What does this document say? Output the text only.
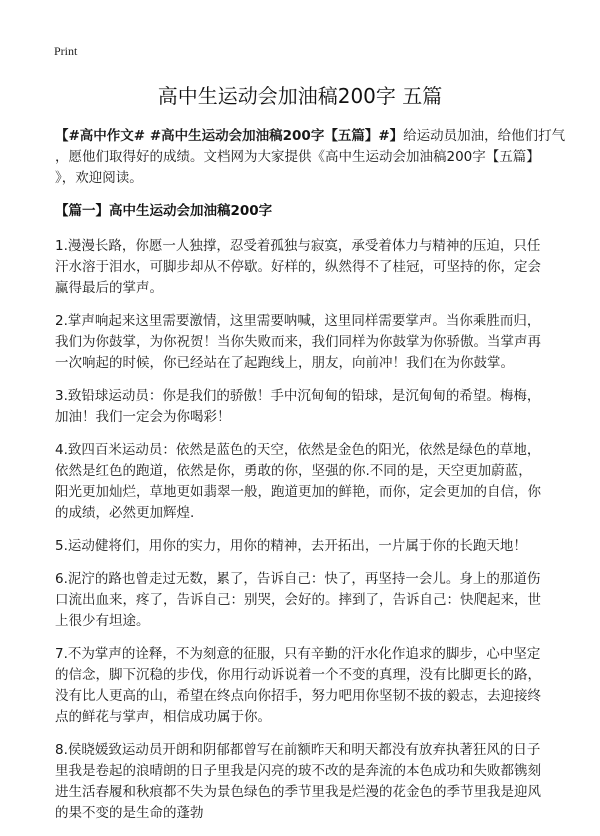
Print

高中生运动会加油稿200字 五篇
【#高中作文# #高中生运动会加油稿200字【五篇】#】给运动员加油，给他们打气
，愿他们取得好的成绩。文档网为大家提供《高中生运动会加油稿200字【五篇】
》，欢迎阅读。
【篇一】高中生运动会加油稿200字
1.漫漫长路，你愿一人独撑，忍受着孤独与寂寞，承受着体力与精神的压迫，只任
汗水溶于泪水，可脚步却从不停歇。好样的，纵然得不了桂冠，可坚持的你，定会
赢得最后的掌声。
2.掌声响起来这里需要激情，这里需要呐喊，这里同样需要掌声。当你乘胜而归，
我们为你鼓掌，为你祝贺！当你失败而来，我们同样为你鼓掌为你骄傲。当掌声再
一次响起的时候，你已经站在了起跑线上，朋友，向前冲！我们在为你鼓掌。
3.致铅球运动员：你是我们的骄傲！手中沉甸甸的铅球，是沉甸甸的希望。梅梅，
加油！我们一定会为你喝彩！
4.致四百米运动员：依然是蓝色的天空，依然是金色的阳光，依然是绿色的草地，
依然是红色的跑道，依然是你，勇敢的你，坚强的你.不同的是，天空更加蔚蓝，
阳光更加灿烂，草地更如翡翠一般，跑道更加的鲜艳，而你，定会更加的自信，你
的成绩，必然更加辉煌.
5.运动健将们，用你的实力，用你的精神，去开拓出，一片属于你的长跑天地！
6.泥泞的路也曾走过无数，累了，告诉自己：快了，再坚持一会儿。身上的那道伤
口流出血来，疼了，告诉自己：别哭，会好的。摔到了，告诉自己：快爬起来，世
上很少有坦途。
7.不为掌声的诠释，不为刻意的征服，只有辛勤的汗水化作追求的脚步，心中坚定
的信念，脚下沉稳的步伐，你用行动诉说着一个不变的真理，没有比脚更长的路，
没有比人更高的山，希望在终点向你招手，努力吧用你坚韧不拔的毅志，去迎接终
点的鲜花与掌声，相信成功属于你。
8.侯晓媛致运动员开朗和阴郁都曾写在前额昨天和明天都没有放弃执著狂风的日子
里我是卷起的浪晴朗的日子里我是闪亮的玻不改的是奔流的本色成功和失败都镌刻
进生活春履和秋痕都不失为景色绿色的季节里我是烂漫的花金色的季节里我是迎风
的果不变的是生命的蓬勃
